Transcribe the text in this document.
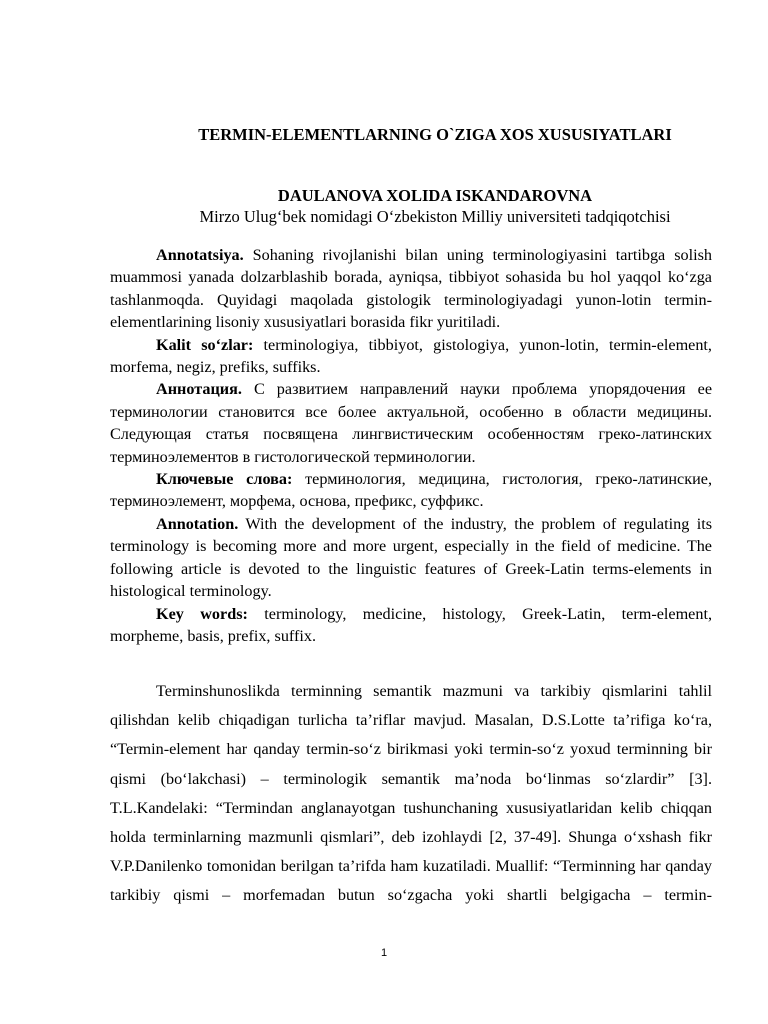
TERMIN-ELEMENTLARNING O`ZIGA XOS XUSUSIYATLARI

DAULANOVA XOLIDA ISKANDAROVNA

Mirzo Ulug‘bek nomidagi O‘zbekiston Milliy universiteti tadqiqotchisi

Annotatsiya. Sohaning rivojlanishi bilan uning terminologiyasini tartibga solish muammosi yanada dolzarblashib borada, ayniqsa, tibbiyot sohasida bu hol yaqqol ko‘zga tashlanmoqda. Quyidagi maqolada gistologik terminologiyadagi yunon-lotin termin-elementlarining lisoniy xususiyatlari borasida fikr yuritiladi.

Kalit so‘zlar: terminologiya, tibbiyot, gistologiya, yunon-lotin, termin-element, morfema, negiz, prefiks, suffiks.

Аннотация. С развитием направлений науки проблема упорядочения ее терминологии становится все более актуальной, особенно в области медицины. Следующая статья посвящена лингвистическим особенностям греко-латинских терминоэлементов в гистологической терминологии.

Ключевые слова: терминология, медицина, гистология, греко-латинские, терминоэлемент, морфема, основа, префикс, суффикс.

Annotation. With the development of the industry, the problem of regulating its terminology is becoming more and more urgent, especially in the field of medicine. The following article is devoted to the linguistic features of Greek-Latin terms-elements in histological terminology.

Key words: terminology, medicine, histology, Greek-Latin, term-element, morpheme, basis, prefix, suffix.

Terminshunoslikda terminning semantik mazmuni va tarkibiy qismlarini tahlil qilishdan kelib chiqadigan turlicha ta’riflar mavjud. Masalan, D.S.Lotte ta’rifiga ko‘ra, “Termin-element har qanday termin-so‘z birikmasi yoki termin-so‘z yoxud terminning bir qismi (bo‘lakchasi) – terminologik semantik ma’noda bo‘linmas so‘zlardir” [3]. T.L.Kandelaki: “Termindan anglanayotgan tushunchaning xususiyatlaridan kelib chiqqan holda terminlarning mazmunli qismlari”, deb izohlaydi [2, 37-49]. Shunga o‘xshash fikr V.P.Danilenko tomonidan berilgan ta’rifda ham kuzatiladi. Muallif: “Terminning har qanday tarkibiy qismi – morfemadan butun so‘zgacha yoki shartli belgigacha – termin-

1
